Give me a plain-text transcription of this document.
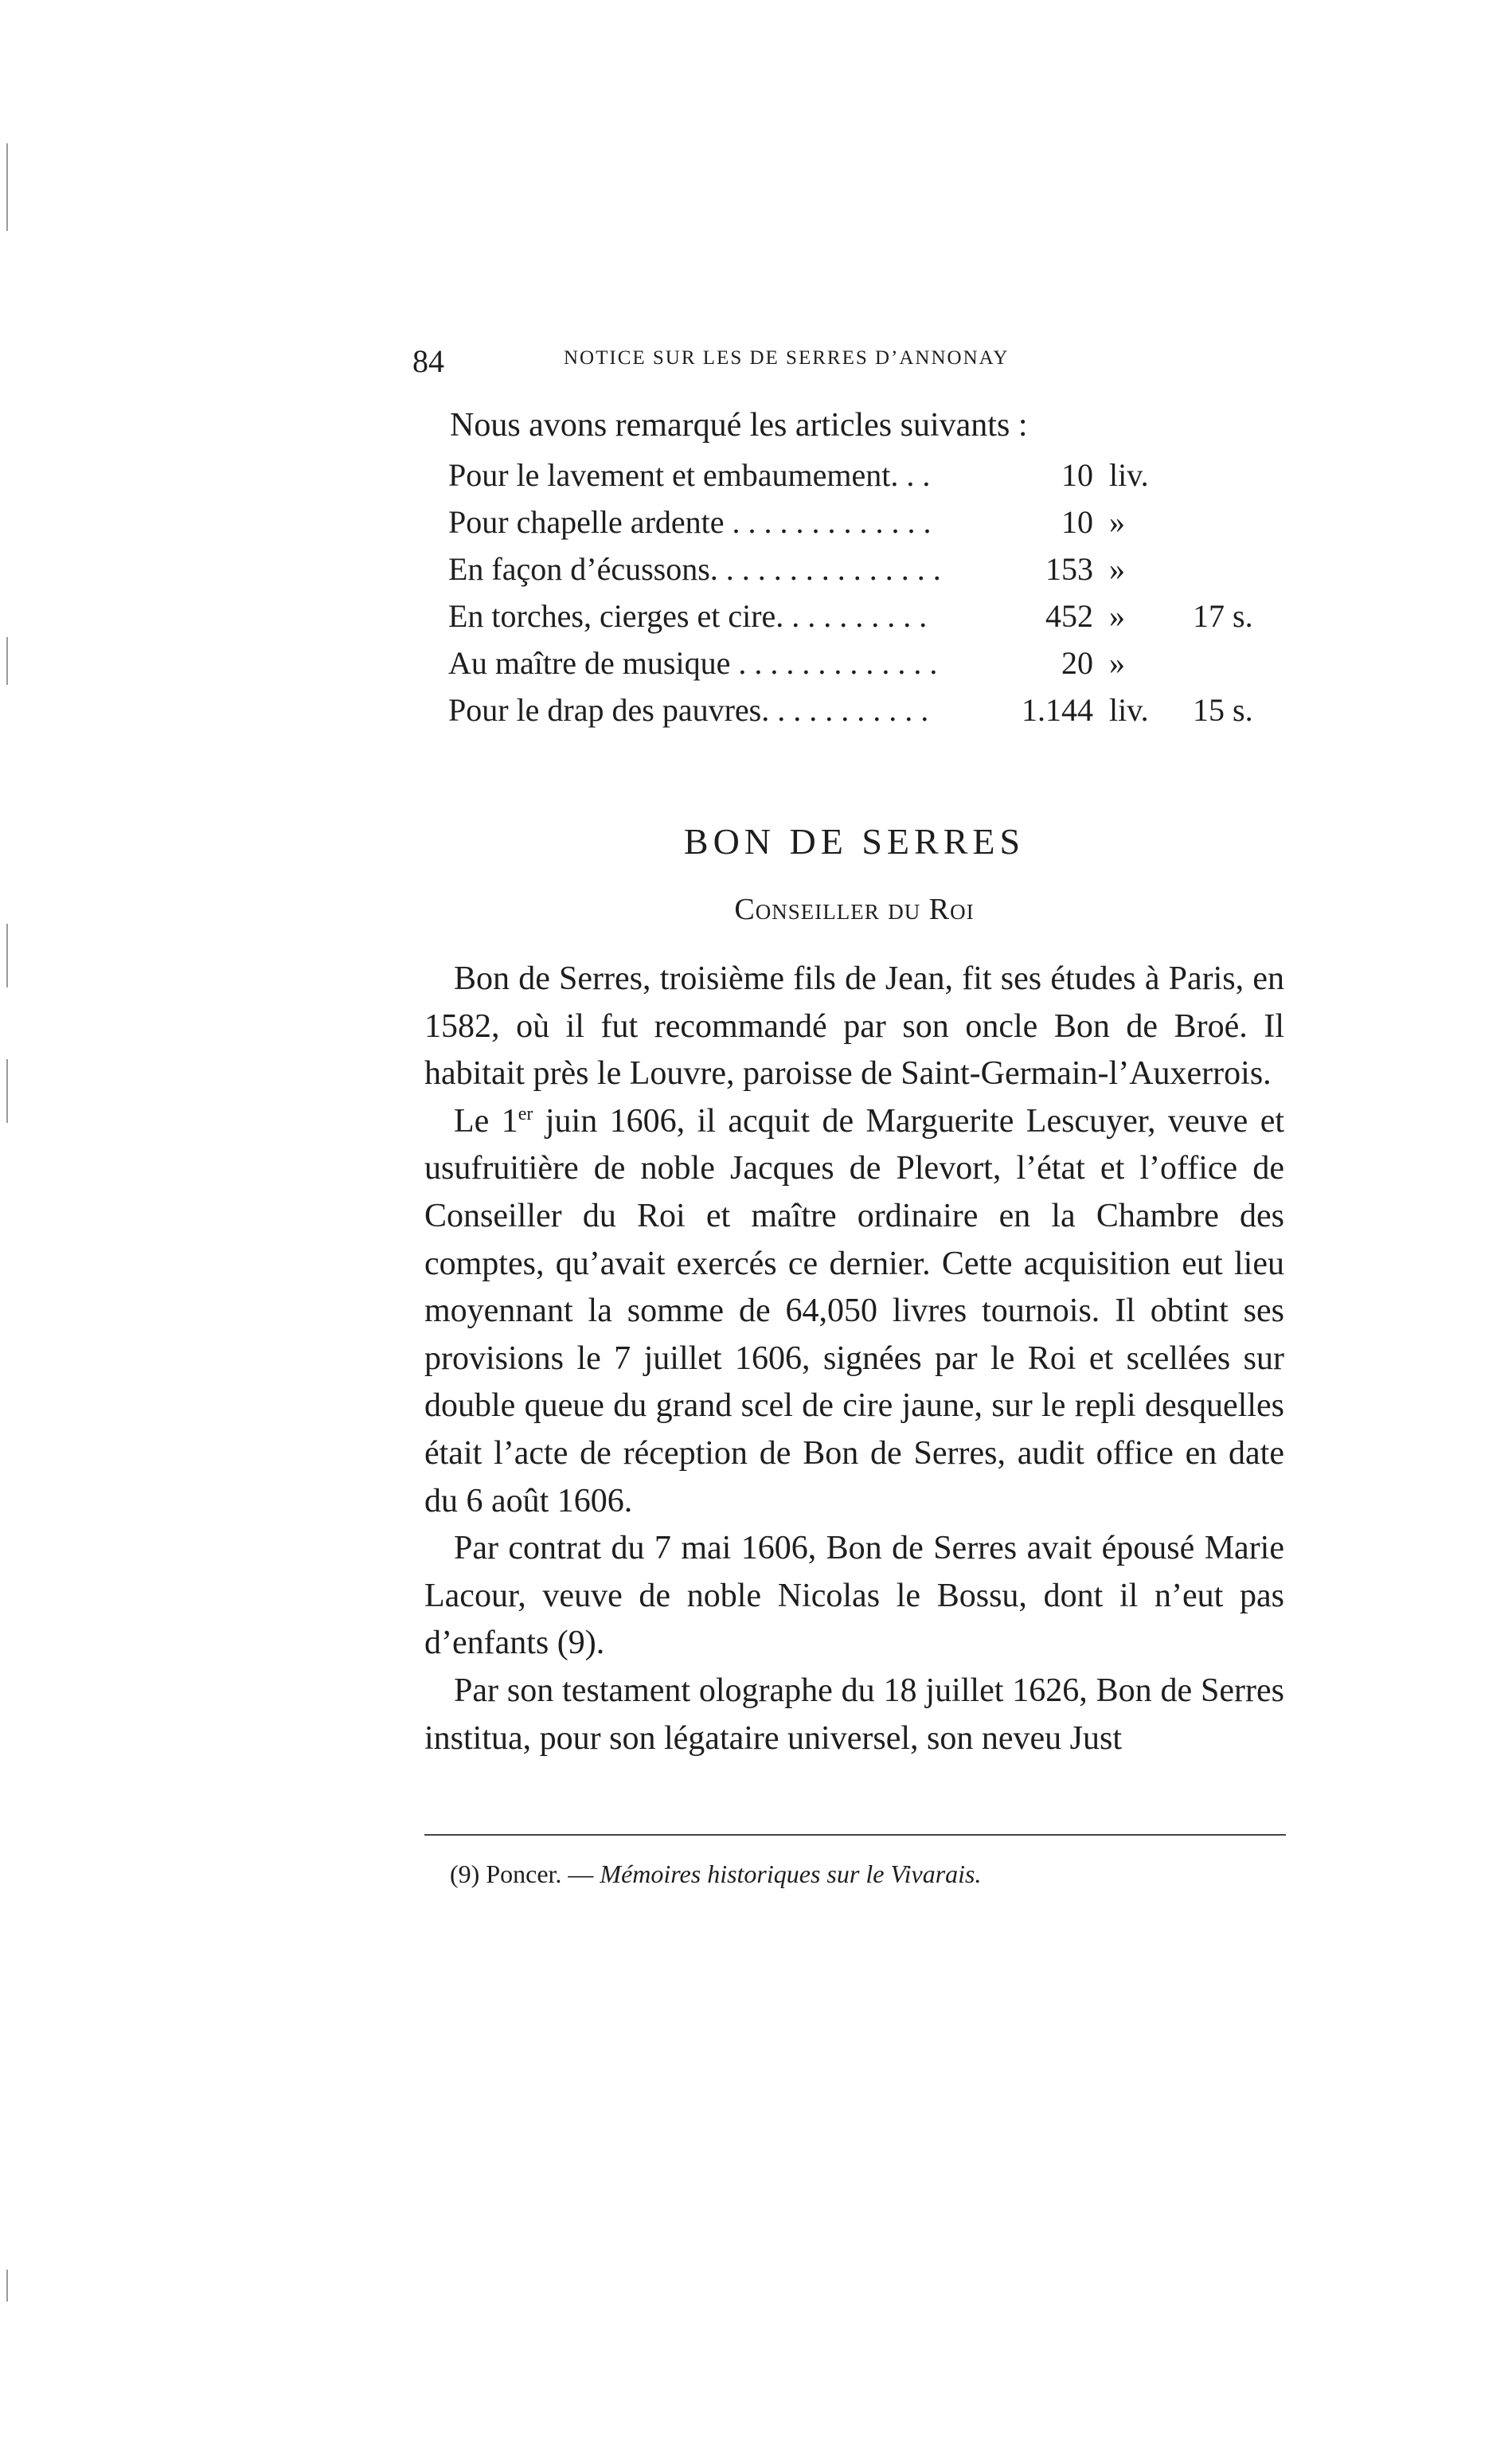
84	NOTICE SUR LES DE SERRES D’ANNONAY
Nous avons remarqué les articles suivants :
Pour le lavement et embaumement. . .	10 liv.
Pour chapelle ardente . . . . . . . . . . . . .	10 »
En façon d’écussons. . . . . . . . . . . . . . .	153 »
En torches, cierges et cire. . . . . . . . . .	452 » 17 s.
Au maître de musique . . . . . . . . . . . . .	20 »
Pour le drap des pauvres. . . . . . . . . . .	1.144 liv. 15 s.
BON DE SERRES
Conseiller du Roi

Bon de Serres, troisième fils de Jean, fit ses études à Paris, en 1582, où il fut recommandé par son oncle Bon de Broé. Il habitait près le Louvre, paroisse de Saint-Germain-l’Auxerrois.

Le 1er juin 1606, il acquit de Marguerite Lescuyer, veuve et usufruitière de noble Jacques de Plevort, l’état et l’office de Conseiller du Roi et maître ordinaire en la Chambre des comptes, qu’avait exercés ce dernier. Cette acquisition eut lieu moyennant la somme de 64,050 livres tournois. Il obtint ses provisions le 7 juillet 1606, signées par le Roi et scellées sur double queue du grand scel de cire jaune, sur le repli desquelles était l’acte de réception de Bon de Serres, audit office en date du 6 août 1606.

Par contrat du 7 mai 1606, Bon de Serres avait épousé Marie Lacour, veuve de noble Nicolas le Bossu, dont il n’eut pas d’enfants (9).

Par son testament olographe du 18 juillet 1626, Bon de Serres institua, pour son légataire universel, son neveu Just

(9) Poncer. — Mémoires historiques sur le Vivarais.
